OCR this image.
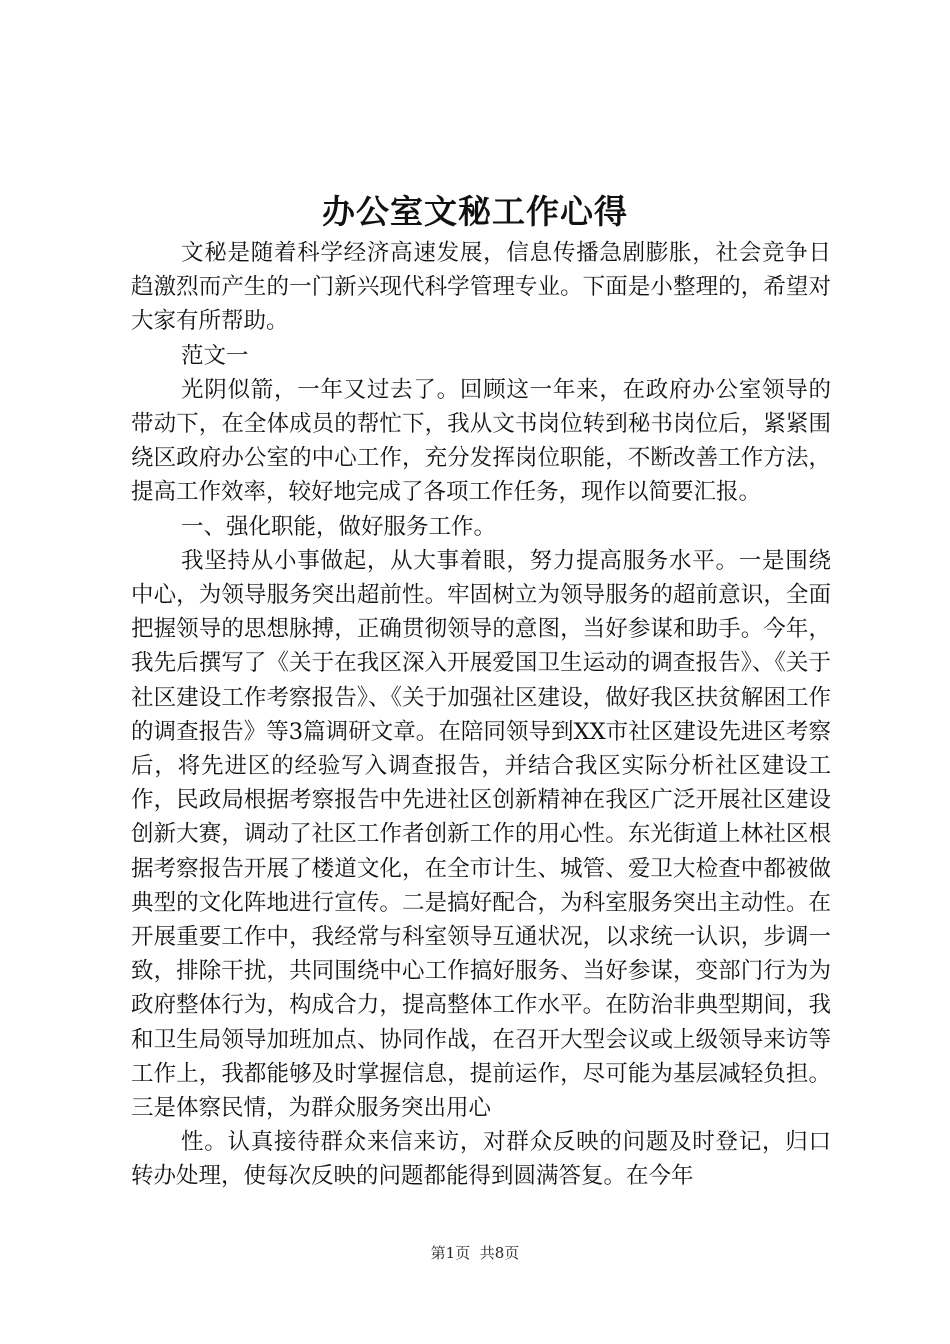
办公室文秘工作心得

文秘是随着科学经济高速发展，信息传播急剧膨胀，社会竞争日趋激烈而产生的一门新兴现代科学管理专业。下面是小整理的，希望对大家有所帮助。

范文一

光阴似箭，一年又过去了。回顾这一年来，在政府办公室领导的带动下，在全体成员的帮忙下，我从文书岗位转到秘书岗位后，紧紧围绕区政府办公室的中心工作，充分发挥岗位职能，不断改善工作方法，提高工作效率，较好地完成了各项工作任务，现作以简要汇报。

一、强化职能，做好服务工作。

我坚持从小事做起，从大事着眼，努力提高服务水平。一是围绕中心，为领导服务突出超前性。牢固树立为领导服务的超前意识，全面把握领导的思想脉搏，正确贯彻领导的意图，当好参谋和助手。今年，我先后撰写了《关于在我区深入开展爱国卫生运动的调查报告》、《关于社区建设工作考察报告》、《关于加强社区建设，做好我区扶贫解困工作的调查报告》等3篇调研文章。在陪同领导到XX市社区建设先进区考察后，将先进区的经验写入调查报告，并结合我区实际分析社区建设工作，民政局根据考察报告中先进社区创新精神在我区广泛开展社区建设创新大赛，调动了社区工作者创新工作的用心性。东光街道上林社区根据考察报告开展了楼道文化，在全市计生、城管、爱卫大检查中都被做典型的文化阵地进行宣传。二是搞好配合，为科室服务突出主动性。在开展重要工作中，我经常与科室领导互通状况，以求统一认识，步调一致，排除干扰，共同围绕中心工作搞好服务、当好参谋，变部门行为为政府整体行为，构成合力，提高整体工作水平。在防治非典型期间，我和卫生局领导加班加点、协同作战，在召开大型会议或上级领导来访等工作上，我都能够及时掌握信息，提前运作，尽可能为基层减轻负担。三是体察民情，为群众服务突出用心

性。认真接待群众来信来访，对群众反映的问题及时登记，归口转办处理，使每次反映的问题都能得到圆满答复。在今年

第1页 共8页
